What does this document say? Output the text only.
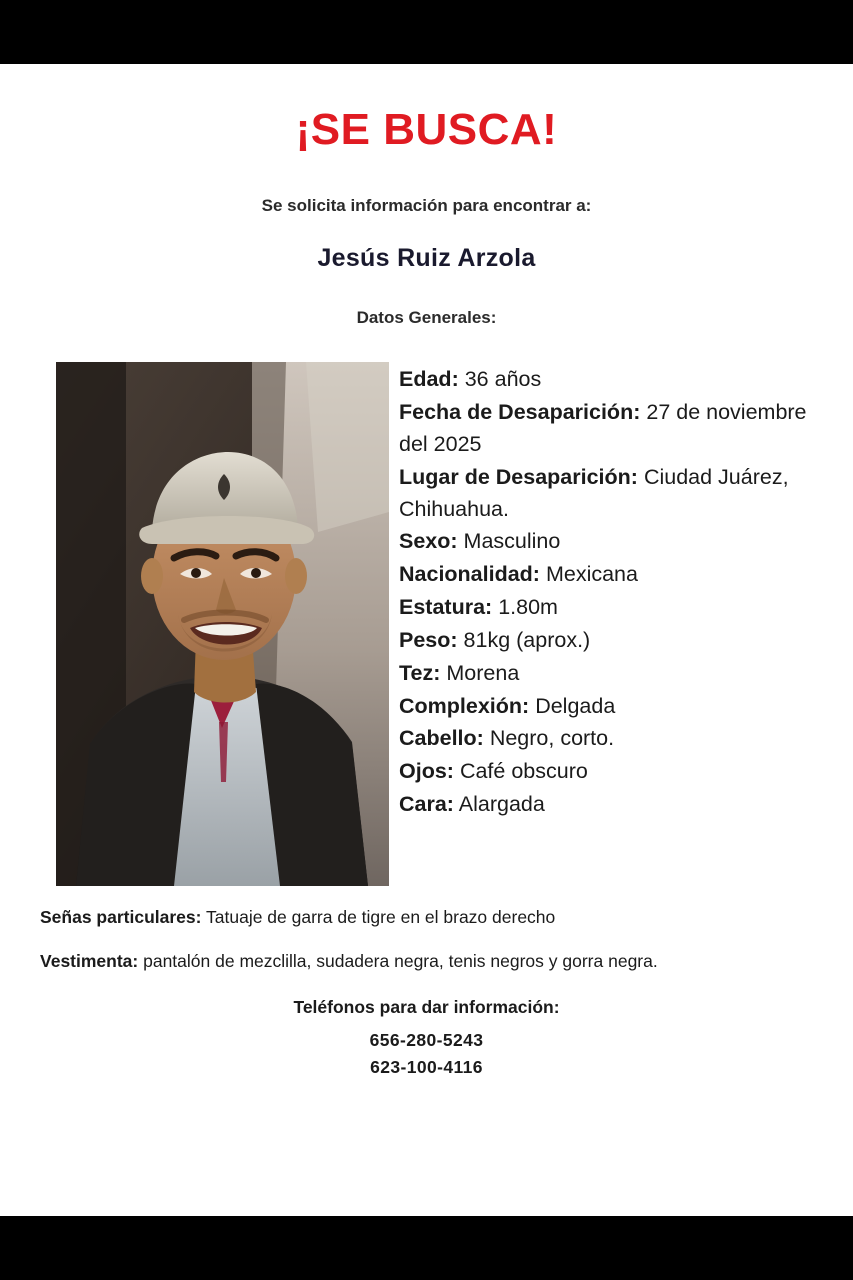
¡SE BUSCA!
Se solicita información para encontrar a:
Jesús Ruiz Arzola
Datos Generales:
Edad: 36 años
Fecha de Desaparición: 27 de noviembre del 2025
Lugar de Desaparición: Ciudad Juárez, Chihuahua.
Sexo: Masculino
Nacionalidad: Mexicana
Estatura: 1.80m
Peso: 81kg (aprox.)
Tez: Morena
Complexión: Delgada
Cabello: Negro, corto.
Ojos: Café obscuro
Cara: Alargada
Señas particulares: Tatuaje de garra de tigre en el brazo derecho
Vestimenta: pantalón de mezclilla, sudadera negra, tenis negros y gorra negra.
Teléfonos para dar información:
656-280-5243
623-100-4116
